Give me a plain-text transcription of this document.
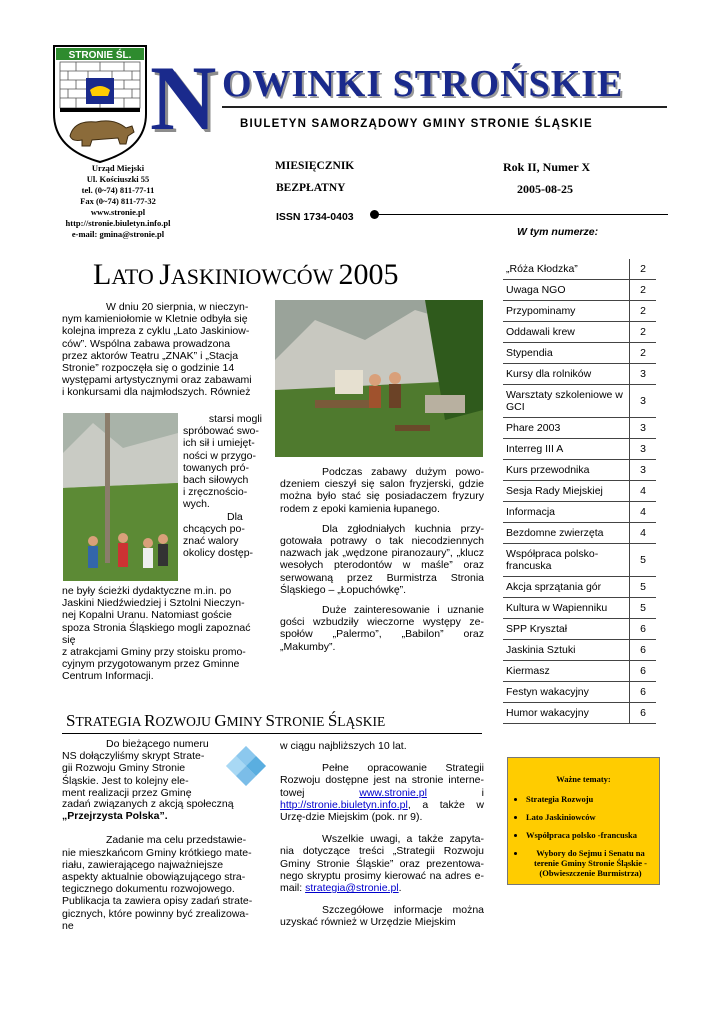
STRONIE ŚL. N OWINKI STROŃSKIE
BIULETYN SAMORZĄDOWY GMINY STRONIE ŚLĄSKIE
Urząd Miejski
Ul. Kościuszki 55
tel. (0~74) 811-77-11
Fax (0~74) 811-77-32
www.stronie.pl
http://stronie.biuletyn.info.pl
e-mail: gmina@stronie.pl
MIESIĘCZNIK
BEZPŁATNY
ISSN 1734-0403
Rok II, Numer X
2005-08-25
W tym numerze:
„Róża Kłodzka”	2
Uwaga NGO	2
Przypominamy	2
Oddawali krew	2
Stypendia	2
Kursy dla rolników	3
Warsztaty szkoleniowe w GCI	3
Phare 2003	3
Interreg III A	3
Kurs przewodnika	3
Sesja Rady Miejskiej	4
Informacja	4
Bezdomne zwierzęta	4
Współpraca polsko-francuska	5
Akcja sprzątania gór	5
Kultura w Wapienniku	5
SPP Kryształ	6
Jaskinia Sztuki	6
Kiermasz	6
Festyn wakacyjny	6
Humor wakacyjny	6
LATO JASKINIOWCÓW 2005
W dniu 20 sierpnia, w nieczyn-
nym kamieniołomie w Kletnie odbyła się
kolejna impreza z cyklu „Lato Jaskiniow-
ców”. Wspólna zabawa prowadzona
przez aktorów Teatru „ZNAK” i „Stacja
Stronie” rozpoczęła się o godzinie 14
występami artystycznymi oraz zabawami
i konkursami dla najmłodszych. Również
starsi mogli
spróbować swo-
ich sił i umiejęt-
ności w przygo-
towanych pró-
bach siłowych
i zręcznościo-
wych.
Dla
chcących po-
znać walory
okolicy dostęp-
ne były ścieżki dydaktyczne m.in. po
Jaskini Niedźwiedziej i Sztolni Nieczyn-
nej Kopalni Uranu. Natomiast goście
spoza Stronia Śląskiego mogli zapoznać
się
z atrakcjami Gminy przy stoisku promo-
cyjnym przygotowanym przez Gminne
Centrum Informacji.

Podczas zabawy dużym powo-dzeniem cieszył się salon fryzjerski, gdzie można było stać się posiadaczem fryzury rodem z epoki kamienia łupanego.

Dla zgłodniałych kuchnia przy-gotowała potrawy o tak niecodziennych nazwach jak „wędzone piranozaury”, „klucz wesołych pterodontów w maśle” oraz serwowaną przez Burmistrza Stronia Śląskiego – „Łopuchówkę”.

Duże zainteresowanie i uznanie gości wzbudziły wieczorne występy ze-społów „Palermo”, „Babilon” oraz „Makumby”.

STRATEGIA ROZWOJU GMINY STRONIE ŚLĄSKIE
Do bieżącego numeru
NS dołączyliśmy skrypt Strate-
gii Rozwoju Gminy Stronie
Śląskie. Jest to kolejny ele-
ment realizacji przez Gminę
zadań związanych z akcją społeczną
„Przejrzysta Polska”.
Zadanie ma celu przedstawie-
nie mieszkańcom Gminy krótkiego mate-
riału, zawierającego najważniejsze
aspekty aktualnie obowiązującego stra-
tegicznego dokumentu rozwojowego.
Publikacja ta zawiera opisy zadań strate-
gicznych, które powinny być zrealizowa-
ne

w ciągu najbliższych 10 lat.

Pełne opracowanie Strategii Rozwoju dostępne jest na stronie interne-towej	www.stronie.pl	i http://stronie.biuletyn.info.pl, a także w Urzę-dzie Miejskim (pok. nr 9).

Wszelkie uwagi, a także zapyta-nia dotyczące treści „Strategii Rozwoju Gminy Stronie Śląskie” oraz prezentowa-nego skryptu prosimy kierować na adres e-mail: strategia@stronie.pl.

Szczegółowe informacje można uzyskać również w Urzędzie Miejskim

Ważne tematy:
• Strategia Rozwoju
• Lato Jaskiniowców
• Współpraca polsko -francuska
• Wybory do Sejmu i Senatu na terenie Gminy Stronie Śląskie - (Obwieszczenie Burmistrza)
